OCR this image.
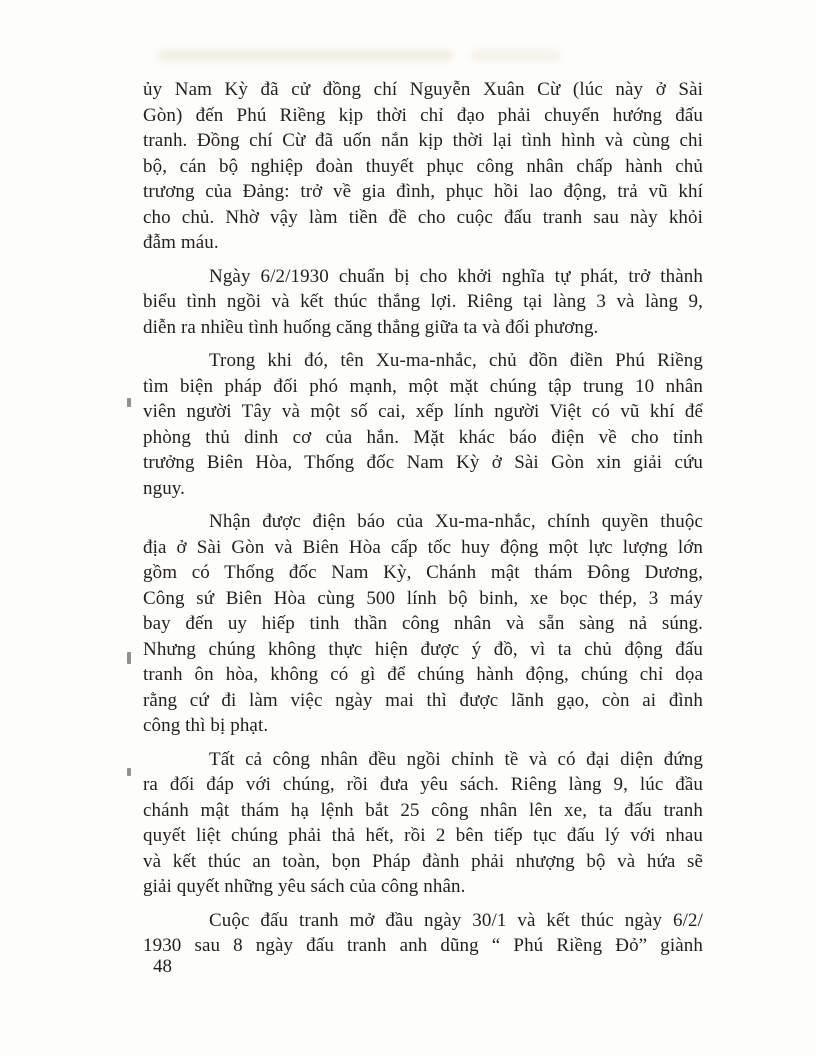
ủy Nam Kỳ đã cử đồng chí Nguyễn Xuân Cừ (lúc này ở Sài
Gòn) đến Phú Riềng kịp thời chỉ đạo phải chuyển hướng đấu
tranh. Đồng chí Cừ đã uốn nắn kịp thời lại tình hình và cùng chi
bộ, cán bộ nghiệp đoàn thuyết phục công nhân chấp hành chủ
trương của Đảng: trở về gia đình, phục hồi lao động, trả vũ khí
cho chủ. Nhờ vậy làm tiền đề cho cuộc đấu tranh sau này khỏi
đẫm máu.

Ngày 6/2/1930 chuẩn bị cho khởi nghĩa tự phát, trở thành
biểu tình ngồi và kết thúc thắng lợi. Riêng tại làng 3 và làng 9,
diễn ra nhiều tình huống căng thẳng giữa ta và đối phương.

Trong khi đó, tên Xu-ma-nhắc, chủ đồn điền Phú Riềng
tìm biện pháp đối phó mạnh, một mặt chúng tập trung 10 nhân
viên người Tây và một số cai, xếp lính người Việt có vũ khí để
phòng thủ dinh cơ của hắn. Mặt khác báo điện về cho tỉnh
trưởng Biên Hòa, Thống đốc Nam Kỳ ở Sài Gòn xin giải cứu
nguy.

Nhận được điện báo của Xu-ma-nhắc, chính quyền thuộc
địa ở Sài Gòn và Biên Hòa cấp tốc huy động một lực lượng lớn
gồm có Thống đốc Nam Kỳ, Chánh mật thám Đông Dương,
Công sứ Biên Hòa cùng 500 lính bộ binh, xe bọc thép, 3 máy
bay đến uy hiếp tinh thần công nhân và sẵn sàng nả súng.
Nhưng chúng không thực hiện được ý đồ, vì ta chủ động đấu
tranh ôn hòa, không có gì để chúng hành động, chúng chỉ dọa
rằng cứ đi làm việc ngày mai thì được lãnh gạo, còn ai đình
công thì bị phạt.

Tất cả công nhân đều ngồi chỉnh tề và có đại diện đứng
ra đối đáp với chúng, rồi đưa yêu sách. Riêng làng 9, lúc đầu
chánh mật thám hạ lệnh bắt 25 công nhân lên xe, ta đấu tranh
quyết liệt chúng phải thả hết, rồi 2 bên tiếp tục đấu lý với nhau
và kết thúc an toàn, bọn Pháp đành phải nhượng bộ và hứa sẽ
giải quyết những yêu sách của công nhân.

Cuộc đấu tranh mở đầu ngày 30/1 và kết thúc ngày 6/2/
1930 sau 8 ngày đấu tranh anh dũng “ Phú Riềng Đỏ” giành

48
